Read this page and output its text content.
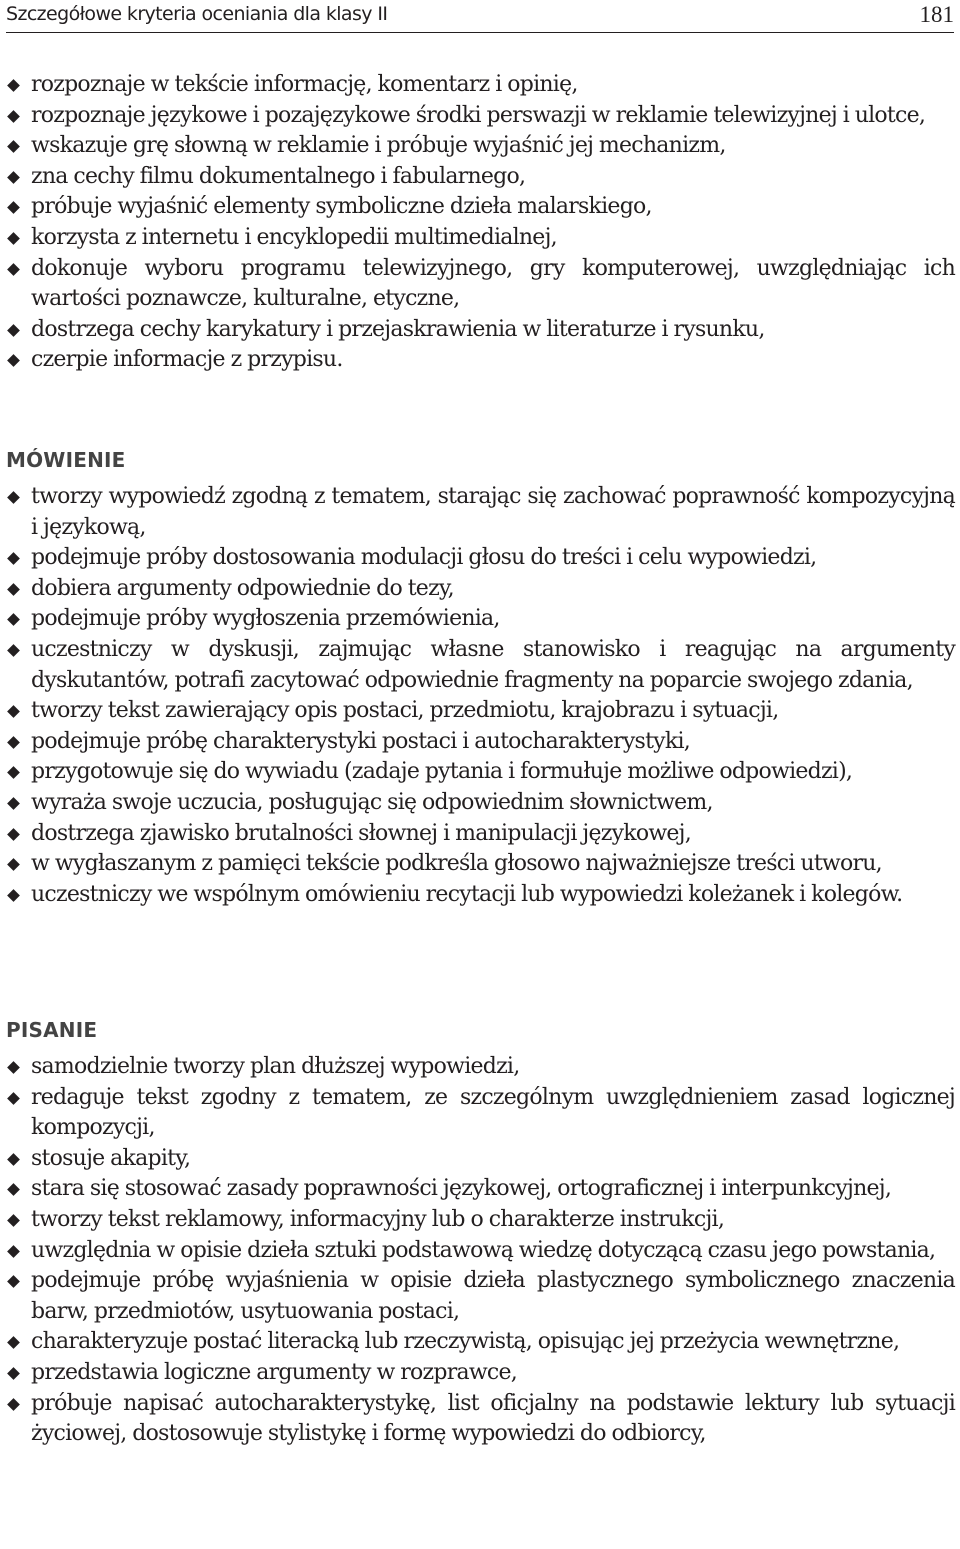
Szczegółowe kryteria oceniania dla klasy II	181
rozpoznaje w tekście informację, komentarz i opinię,
rozpoznaje językowe i pozajęzykowe środki perswazji w reklamie telewizyjnej i ulotce,
wskazuje grę słowną w reklamie i próbuje wyjaśnić jej mechanizm,
zna cechy filmu dokumentalnego i fabularnego,
próbuje wyjaśnić elementy symboliczne dzieła malarskiego,
korzysta z internetu i encyklopedii multimedialnej,
dokonuje wyboru programu telewizyjnego, gry komputerowej, uwzględniając ich wartości poznawcze, kulturalne, etyczne,
dostrzega cechy karykatury i przejaskrawienia w literaturze i rysunku,
czerpie informacje z przypisu.
MÓWIENIE
tworzy wypowiedź zgodną z tematem, starając się zachować poprawność kompozycyjną i językową,
podejmuje próby dostosowania modulacji głosu do treści i celu wypowiedzi,
dobiera argumenty odpowiednie do tezy,
podejmuje próby wygłoszenia przemówienia,
uczestniczy w dyskusji, zajmując własne stanowisko i reagując na argumenty dyskutantów, potrafi zacytować odpowiednie fragmenty na poparcie swojego zdania,
tworzy tekst zawierający opis postaci, przedmiotu, krajobrazu i sytuacji,
podejmuje próbę charakterystyki postaci i autocharakterystyki,
przygotowuje się do wywiadu (zadaje pytania i formułuje możliwe odpowiedzi),
wyraża swoje uczucia, posługując się odpowiednim słownictwem,
dostrzega zjawisko brutalności słownej i manipulacji językowej,
w wygłaszanym z pamięci tekście podkreśla głosowo najważniejsze treści utworu,
uczestniczy we wspólnym omówieniu recytacji lub wypowiedzi koleżanek i kolegów.
PISANIE
samodzielnie tworzy plan dłuższej wypowiedzi,
redaguje tekst zgodny z tematem, ze szczególnym uwzględnieniem zasad logicznej kompozycji,
stosuje akapity,
stara się stosować zasady poprawności językowej, ortograficznej i interpunkcyjnej,
tworzy tekst reklamowy, informacyjny lub o charakterze instrukcji,
uwzględnia w opisie dzieła sztuki podstawową wiedzę dotyczącą czasu jego powstania,
podejmuje próbę wyjaśnienia w opisie dzieła plastycznego symbolicznego znaczenia barw, przedmiotów, usytuowania postaci,
charakteryzuje postać literacką lub rzeczywistą, opisując jej przeżycia wewnętrzne,
przedstawia logiczne argumenty w rozprawce,
próbuje napisać autocharakterystykę, list oficjalny na podstawie lektury lub sytuacji życiowej, dostosowuje stylistykę i formę wypowiedzi do odbiorcy,
